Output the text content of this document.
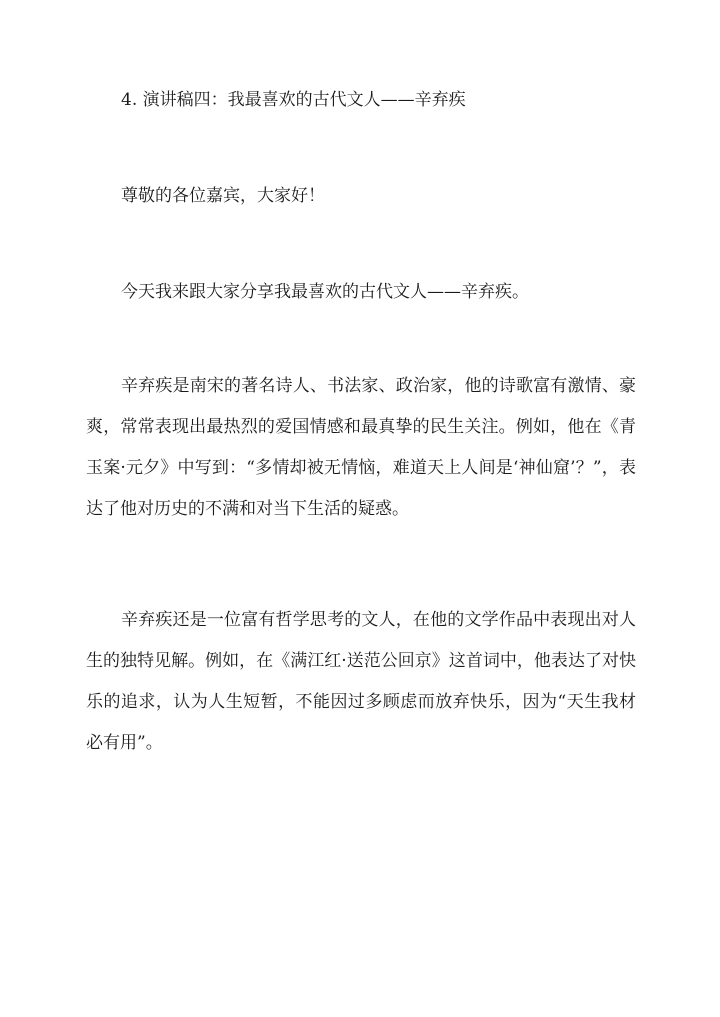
4. 演讲稿四：我最喜欢的古代文人——辛弃疾

尊敬的各位嘉宾，大家好！

今天我来跟大家分享我最喜欢的古代文人——辛弃疾。

辛弃疾是南宋的著名诗人、书法家、政治家，他的诗歌富有激情、豪爽，常常表现出最热烈的爱国情感和最真挚的民生关注。例如，他在《青玉案·元夕》中写到：“多情却被无情恼，难道天上人间是‘神仙窟’？”，表达了他对历史的不满和对当下生活的疑惑。

辛弃疾还是一位富有哲学思考的文人，在他的文学作品中表现出对人生的独特见解。例如，在《满江红·送范公回京》这首词中，他表达了对快乐的追求，认为人生短暂，不能因过多顾虑而放弃快乐，因为“天生我材必有用”。
